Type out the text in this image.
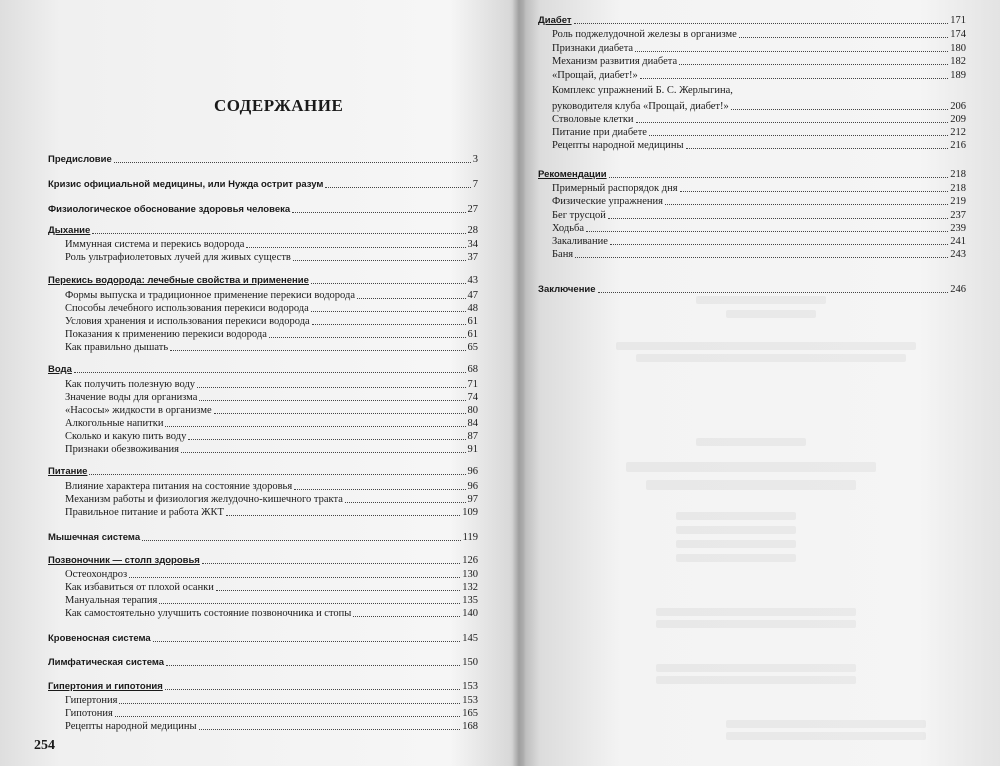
СОДЕРЖАНИЕ
Предисловие	3
Кризис официальной медицины, или Нужда острит разум	7
Физиологическое обоснование здоровья человека	27
Дыхание	28
Иммунная система и перекись водорода	34
Роль ультрафиолетовых лучей для живых существ	37
Перекись водорода: лечебные свойства и применение	43
Формы выпуска и традиционное применение перекиси водорода	47
Способы лечебного использования перекиси водорода	48
Условия хранения и использования перекиси водорода	61
Показания к применению перекиси водорода	61
Как правильно дышать	65
Вода	68
Как получить полезную воду	71
Значение воды для организма	74
«Насосы» жидкости в организме	80
Алкогольные напитки	84
Сколько и какую пить воду	87
Признаки обезвоживания	91
Питание	96
Влияние характера питания на состояние здоровья	96
Механизм работы и физиология желудочно-кишечного тракта	97
Правильное питание и работа ЖКТ	109
Мышечная система	119
Позвоночник — столп здоровья	126
Остеохондроз	130
Как избавиться от плохой осанки	132
Мануальная терапия	135
Как самостоятельно улучшить состояние позвоночника и стопы	140
Кровеносная система	145
Лимфатическая система	150
Гипертония и гипотония	153
Гипертония	153
Гипотония	165
Рецепты народной медицины	168
254
Диабет	171
Роль поджелудочной железы в организме	174
Признаки диабета	180
Механизм развития диабета	182
«Прощай, диабет!»	189
Комплекс упражнений Б. С. Жерлыгина,
руководителя клуба «Прощай, диабет!»	206
Стволовые клетки	209
Питание при диабете	212
Рецепты народной медицины	216
Рекомендации	218
Примерный распорядок дня	218
Физические упражнения	219
Бег трусцой	237
Ходьба	239
Закаливание	241
Баня	243
Заключение	246
